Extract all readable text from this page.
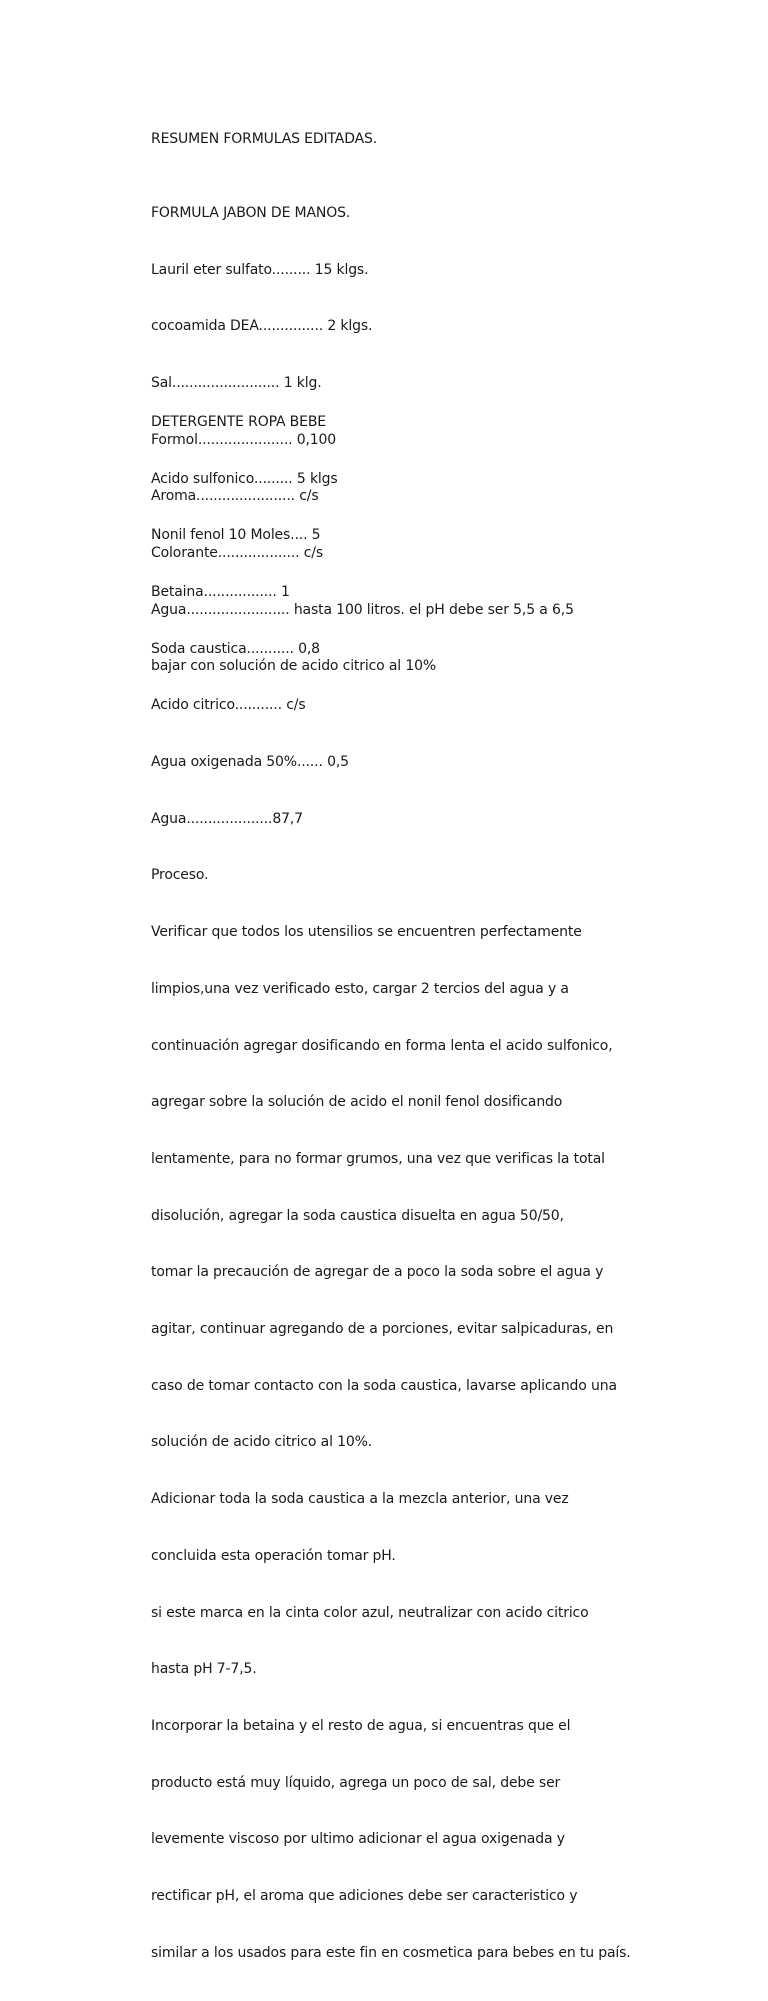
RESUMEN FORMULAS EDITADAS.

FORMULA JABON DE MANOS.

Lauril eter sulfato......... 15 klgs.

cocoamida DEA............... 2 klgs.

Sal......................... 1 klg.

Formol...................... 0,100

Aroma....................... c/s

Colorante................... c/s

Agua........................ hasta 100 litros. el pH debe ser 5,5 a 6,5

bajar con solución de acido citrico al 10%

DETERGENTE ROPA BEBE

Acido sulfonico......... 5 klgs

Nonil fenol 10 Moles.... 5

Betaina................. 1

Soda caustica........... 0,8

Acido citrico........... c/s

Agua oxigenada 50%...... 0,5

Agua....................87,7

Proceso.

Verificar que todos los utensilios se encuentren perfectamente

limpios,una vez verificado esto, cargar 2 tercios del agua y a

continuación agregar dosificando en forma lenta el acido sulfonico,

agregar sobre la solución de acido el nonil fenol dosificando

lentamente, para no formar grumos, una vez que verificas la total

disolución, agregar la soda caustica disuelta en agua 50/50,

tomar la precaución de agregar de a poco la soda sobre el agua y

agitar, continuar agregando de a porciones, evitar salpicaduras, en

caso de tomar contacto con la soda caustica, lavarse aplicando una

solución de acido citrico al 10%.

Adicionar toda la soda caustica a la mezcla anterior, una vez

concluida esta operación tomar pH.

si este marca en la cinta color azul, neutralizar con acido citrico

hasta pH 7-7,5.

Incorporar la betaina y el resto de agua, si encuentras que el

producto está muy líquido, agrega un poco de sal, debe ser

levemente viscoso por ultimo adicionar el agua oxigenada y

rectificar pH, el aroma que adiciones debe ser caracteristico y

similar a los usados para este fin en cosmetica para bebes en tu país.
